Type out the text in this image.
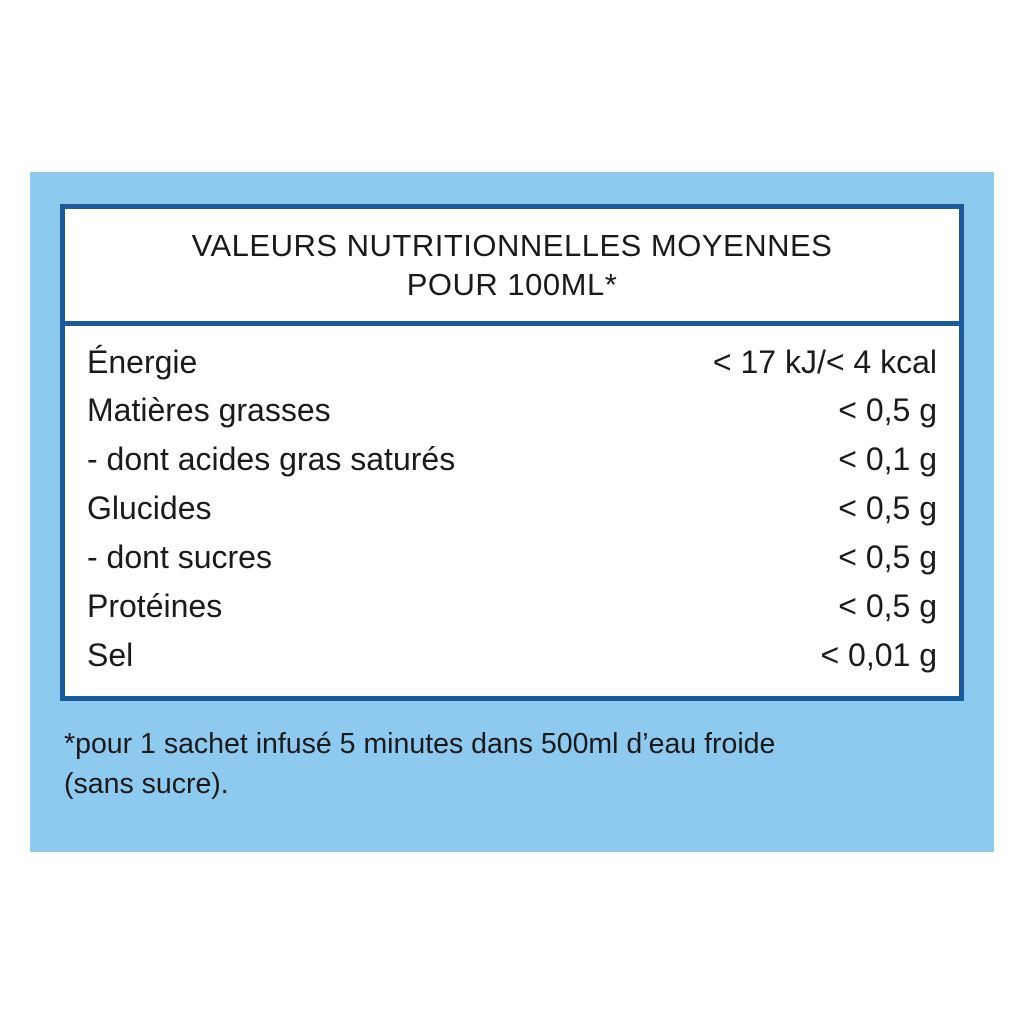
VALEURS NUTRITIONNELLES MOYENNES
POUR 100ML*
Énergie	< 17 kJ/< 4 kcal
Matières grasses	< 0,5 g
- dont acides gras saturés	< 0,1 g
Glucides	< 0,5 g
- dont sucres	< 0,5 g
Protéines	< 0,5 g
Sel	< 0,01 g
*pour 1 sachet infusé 5 minutes dans 500ml d’eau froide
(sans sucre).
